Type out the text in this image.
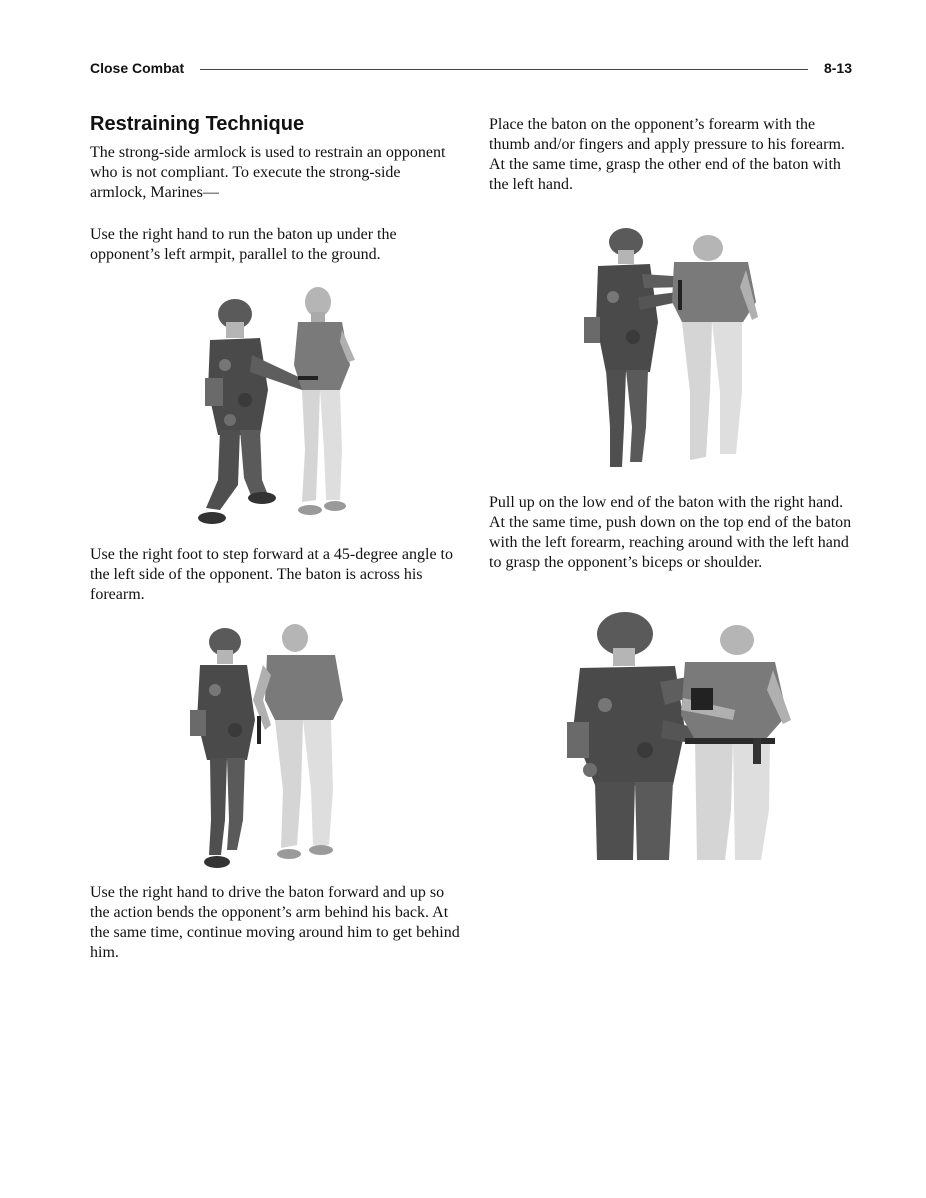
Close Combat	8-13
Restraining Technique

The strong-side armlock is used to restrain an opponent who is not compliant. To execute the strong-side armlock, Marines—

Use the right hand to run the baton up under the opponent’s left armpit, parallel to the ground.

Use the right foot to step forward at a 45-degree angle to the left side of the opponent. The baton is across his forearm.

Use the right hand to drive the baton forward and up so the action bends the opponent’s arm behind his back. At the same time, continue moving around him to get behind him.

Place the baton on the opponent’s forearm with the thumb and/or fingers and apply pressure to his forearm. At the same time, grasp the other end of the baton with the left hand.

Pull up on the low end of the baton with the right hand. At the same time, push down on the top end of the baton with the left forearm, reaching around with the left hand to grasp the opponent’s biceps or shoulder.
